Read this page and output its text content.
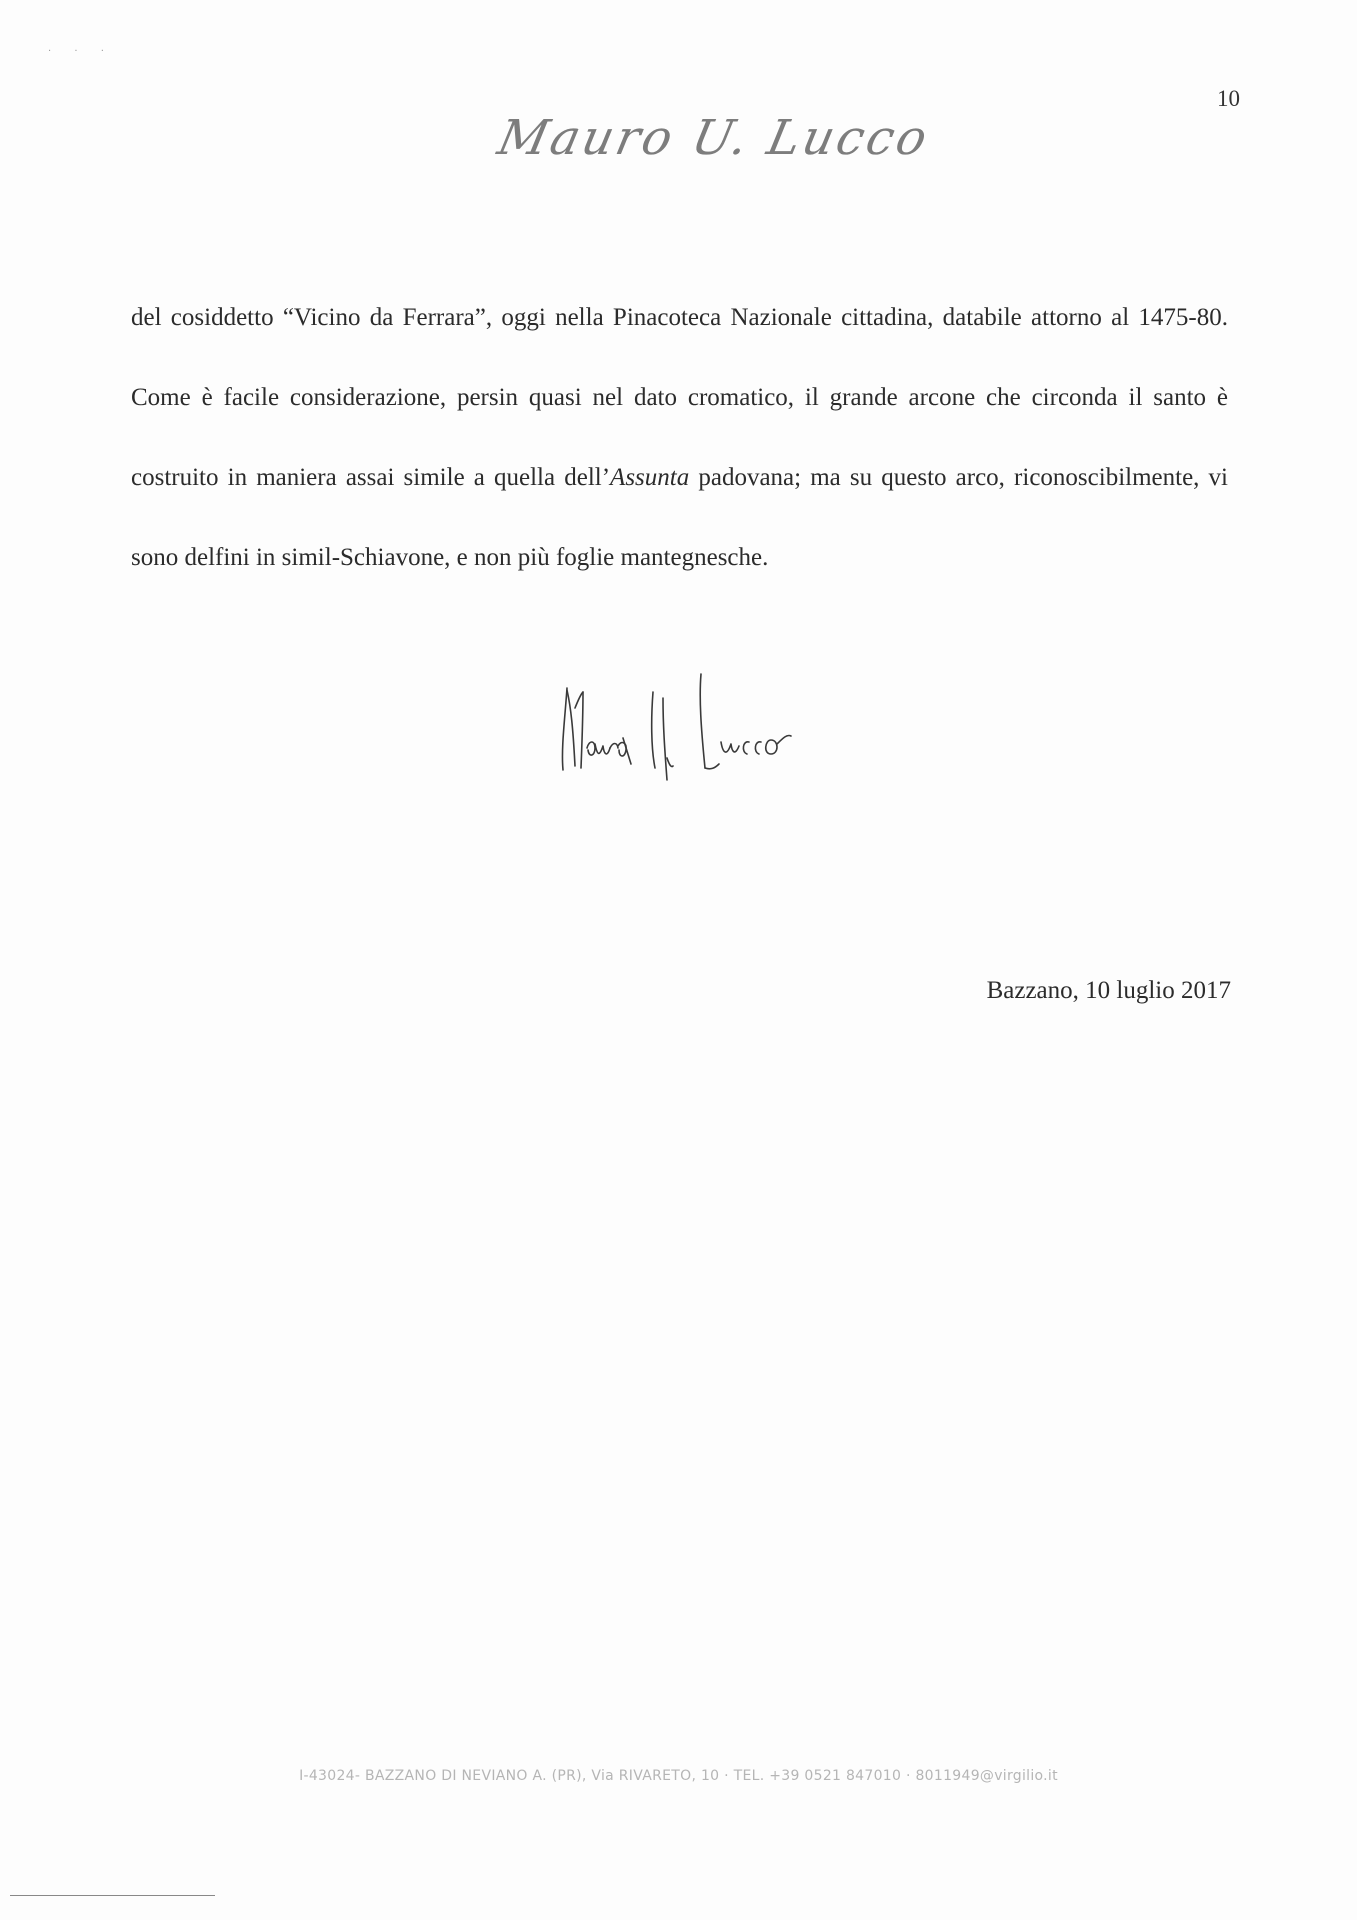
· · ·
10
Mauro U. Lucco

del cosiddetto “Vicino da Ferrara”, oggi nella Pinacoteca Nazionale cittadina, databile attorno al 1475-80. Come è facile considerazione, persin quasi nel dato cromatico, il grande arcone che circonda il santo è costruito in maniera assai simile a quella dell’Assunta padovana; ma su questo arco, riconoscibilmente, vi sono delfini in simil-Schiavone, e non più foglie mantegnesche.

Bazzano, 10 luglio 2017
I-43024- BAZZANO DI NEVIANO A. (PR), Via RIVARETO, 10 · TEL. +39 0521 847010 · 8011949@virgilio.it
